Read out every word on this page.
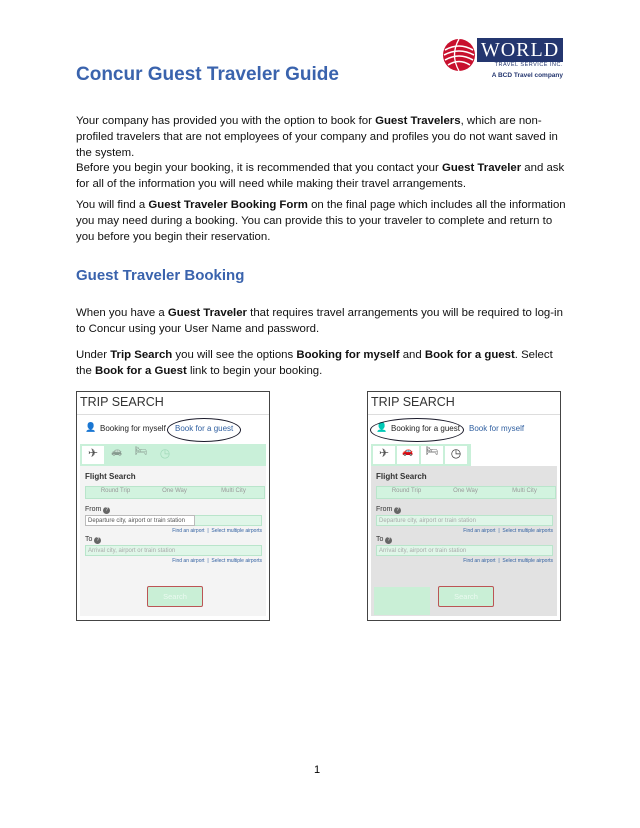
Concur Guest Traveler Guide
WORLD
TRAVEL SERVICE INC.
A BCD Travel company
Your company has provided you with the option to book for Guest Travelers, which are non-profiled travelers that are not employees of your company and profiles you do not want saved in the system.
Before you begin your booking, it is recommended that you contact your Guest Traveler and ask for all of the information you will need while making their travel arrangements.
You will find a Guest Traveler Booking Form on the final page which includes all the information you may need during a booking. You can provide this to your traveler to complete and return to you before you begin their reservation.
Guest Traveler Booking
When you have a Guest Traveler that requires travel arrangements you will be required to log-in to Concur using your User Name and password.
Under Trip Search you will see the options Booking for myself and Book for a guest. Select the Book for a Guest link to begin your booking.
TRIP SEARCH
👤 Booking for myself Book for a guest
✈	🚗	🛏	◷
Flight Search
Round Trip	One Way	Multi City
From ?
Departure city, airport or train station
Find an airport | Select multiple airports
To ?
Arrival city, airport or train station
Find an airport | Select multiple airports
Search
TRIP SEARCH
👤 Booking for a guest Book for myself
✈	🚗	🛏	◷
Flight Search
Round Trip	One Way	Multi City
From ?
Departure city, airport or train station
Find an airport | Select multiple airports
To ?
Arrival city, airport or train station
Find an airport | Select multiple airports
Search
1
